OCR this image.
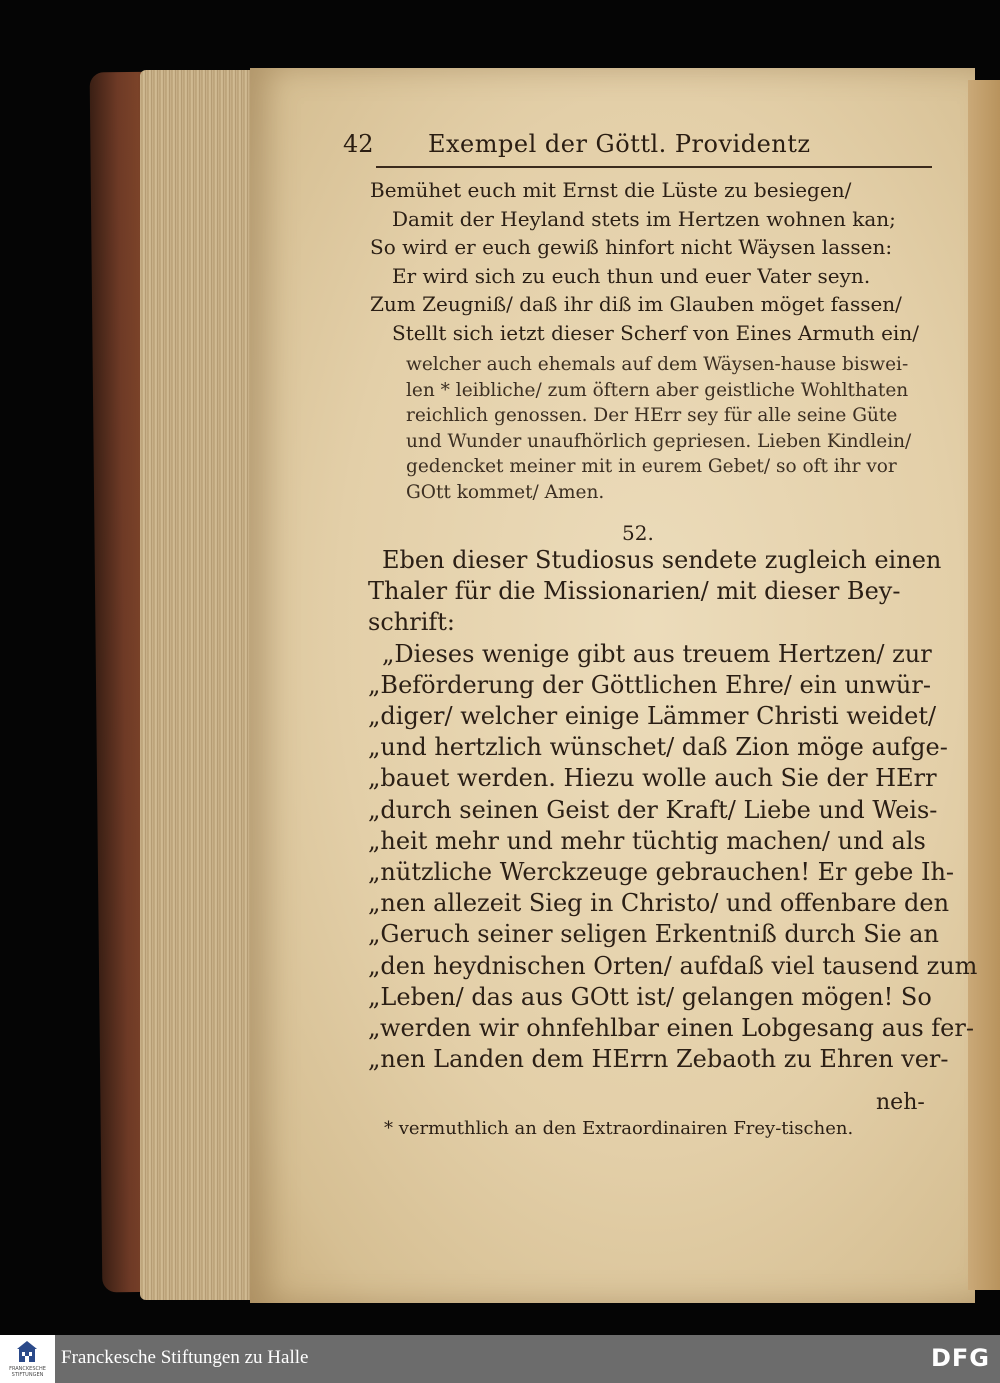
42 Exempel der Göttl. Providentz
Bemühet euch mit Ernst die Lüste zu besiegen/
Damit der Heyland stets im Hertzen wohnen kan;
So wird er euch gewiß hinfort nicht Wäysen lassen:
Er wird sich zu euch thun und euer Vater seyn.
Zum Zeugniß/ daß ihr diß im Glauben möget fassen/
Stellt sich ietzt dieser Scherf von Eines Armuth ein/
welcher auch ehemals auf dem Wäysen-hause biswei-
len * leibliche/ zum öftern aber geistliche Wohlthaten
reichlich genossen. Der HErr sey für alle seine Güte
und Wunder unaufhörlich gepriesen. Lieben Kindlein/
gedencket meiner mit in eurem Gebet/ so oft ihr vor
GOtt kommet/ Amen.
52.
Eben dieser Studiosus sendete zugleich einen
Thaler für die Missionarien/ mit dieser Bey-
schrift:
„Dieses wenige gibt aus treuem Hertzen/ zur
„Beförderung der Göttlichen Ehre/ ein unwür-
„diger/ welcher einige Lämmer Christi weidet/
„und hertzlich wünschet/ daß Zion möge aufge-
„bauet werden. Hiezu wolle auch Sie der HErr
„durch seinen Geist der Kraft/ Liebe und Weis-
„heit mehr und mehr tüchtig machen/ und als
„nützliche Werckzeuge gebrauchen! Er gebe Ih-
„nen allezeit Sieg in Christo/ und offenbare den
„Geruch seiner seligen Erkentniß durch Sie an
„den heydnischen Orten/ aufdaß viel tausend zum
„Leben/ das aus GOtt ist/ gelangen mögen! So
„werden wir ohnfehlbar einen Lobgesang aus fer-
„nen Landen dem HErrn Zebaoth zu Ehren ver-
neh-
* vermuthlich an den Extraordinairen Frey-tischen.
FRANCKESCHE STIFTUNGEN
Franckesche Stiftungen zu Halle	DFG
